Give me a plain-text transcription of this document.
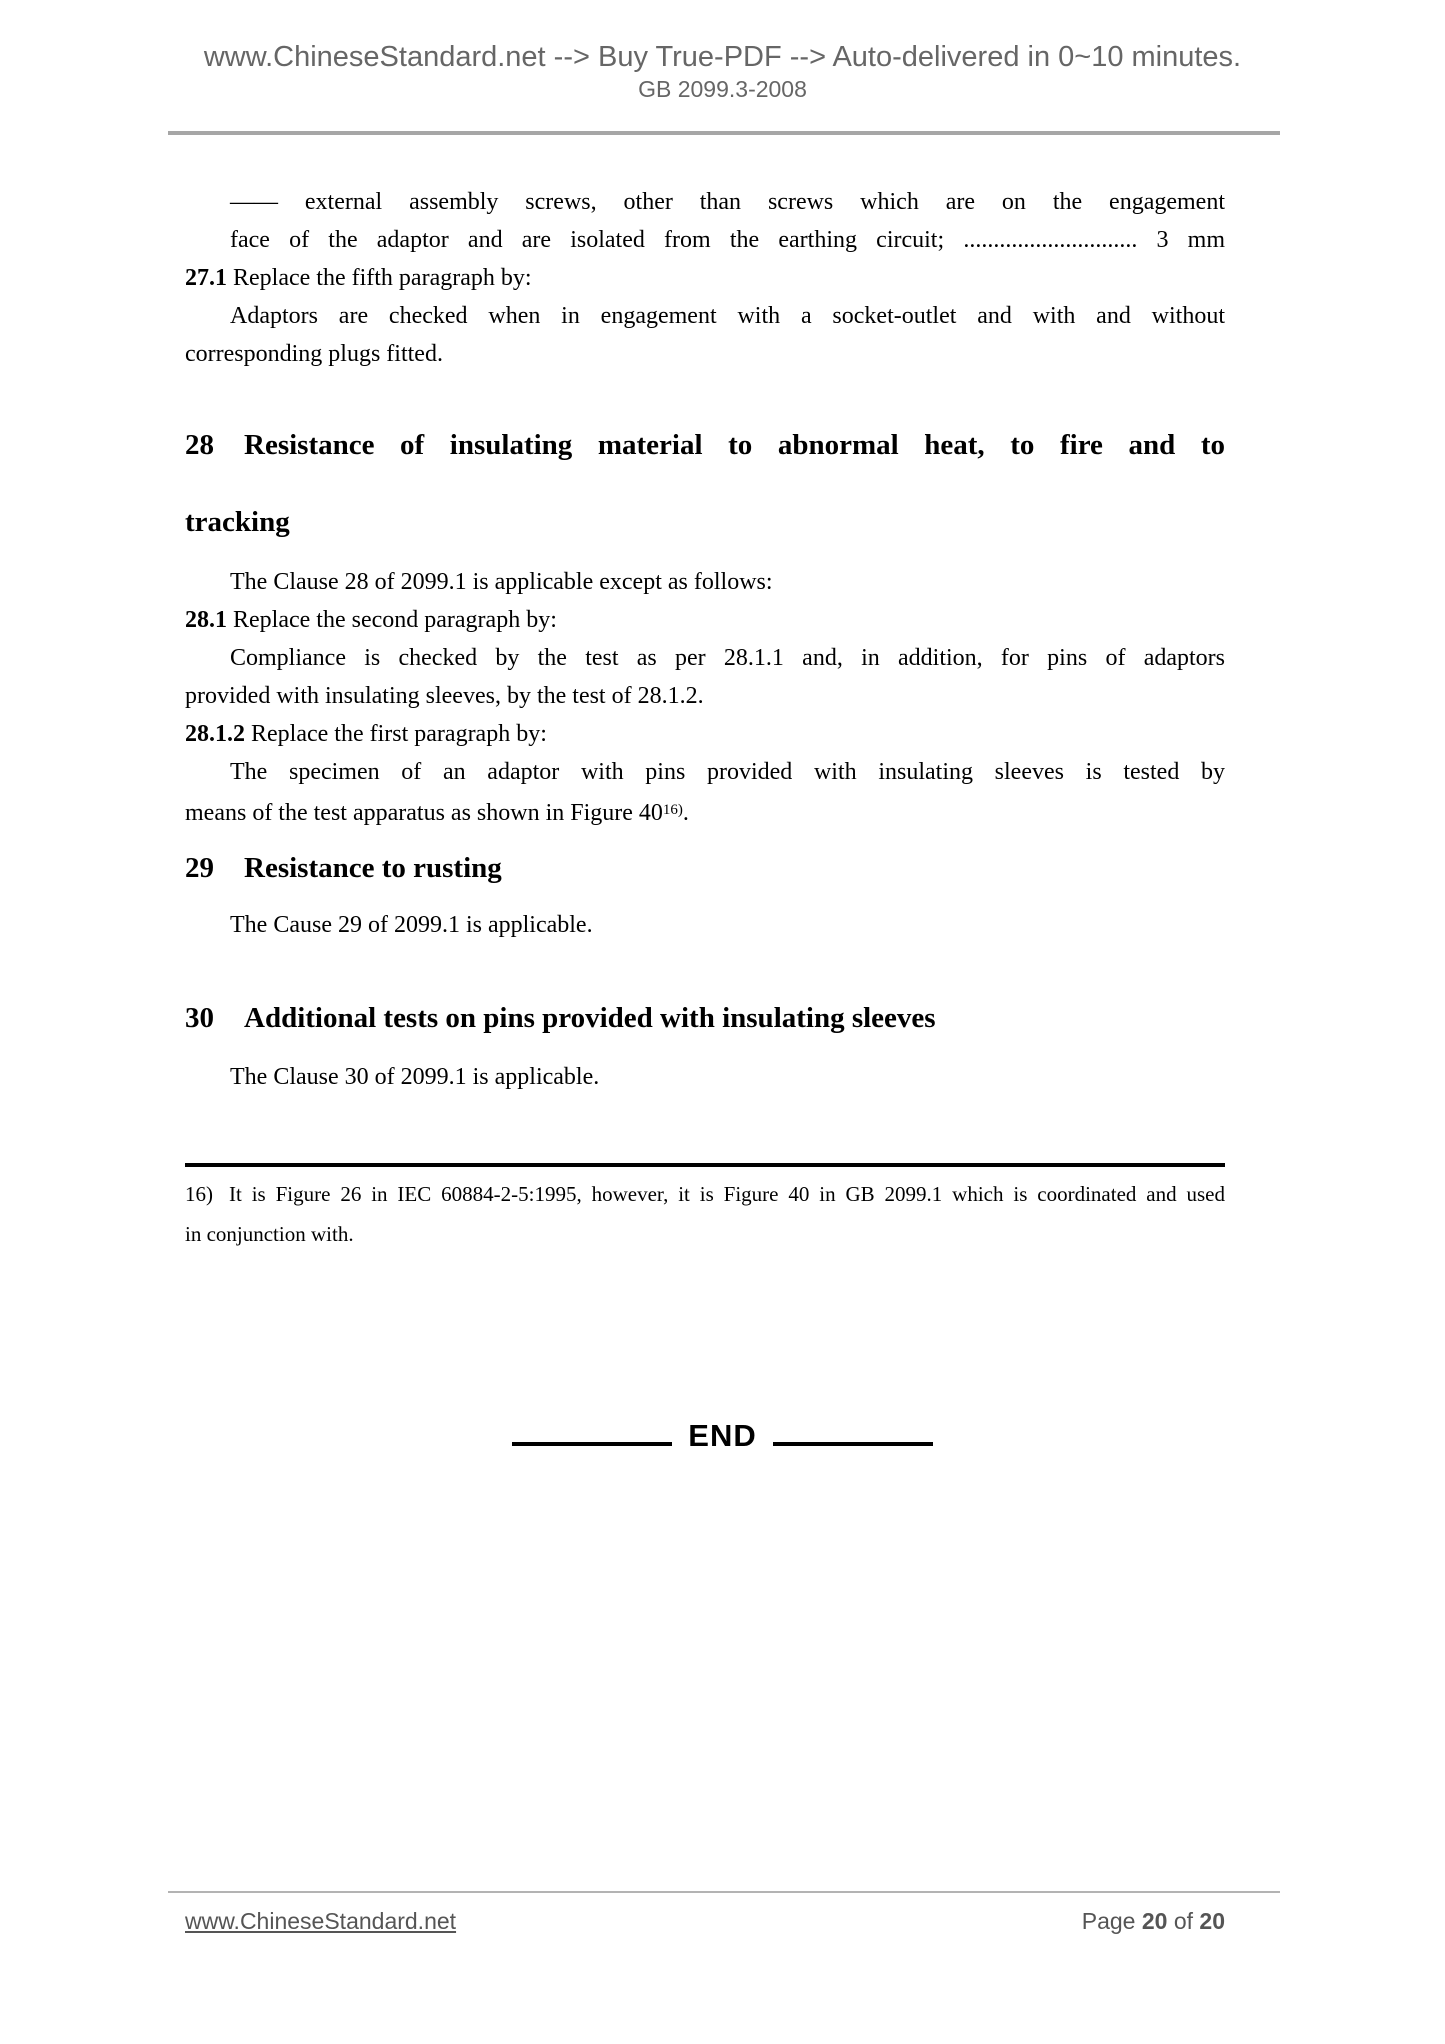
www.ChineseStandard.net --> Buy True-PDF --> Auto-delivered in 0~10 minutes.
GB 2099.3-2008
—— external assembly screws, other than screws which are on the engagement
face of the adaptor and are isolated from the earthing circuit; ............................. 3 mm
27.1 Replace the fifth paragraph by:
Adaptors are checked when in engagement with a socket-outlet and with and without
corresponding plugs fitted.
28 Resistance of insulating material to abnormal heat, to fire and to
tracking
The Clause 28 of 2099.1 is applicable except as follows:
28.1 Replace the second paragraph by:
Compliance is checked by the test as per 28.1.1 and, in addition, for pins of adaptors
provided with insulating sleeves, by the test of 28.1.2.
28.1.2 Replace the first paragraph by:
The specimen of an adaptor with pins provided with insulating sleeves is tested by
means of the test apparatus as shown in Figure 40$^{16)}$.
29 Resistance to rusting
The Cause 29 of 2099.1 is applicable.
30 Additional tests on pins provided with insulating sleeves
The Clause 30 of 2099.1 is applicable.
16) It is Figure 26 in IEC 60884-2-5:1995, however, it is Figure 40 in GB 2099.1 which is coordinated and used
in conjunction with.
END
www.ChineseStandard.net	Page 20 of 20
